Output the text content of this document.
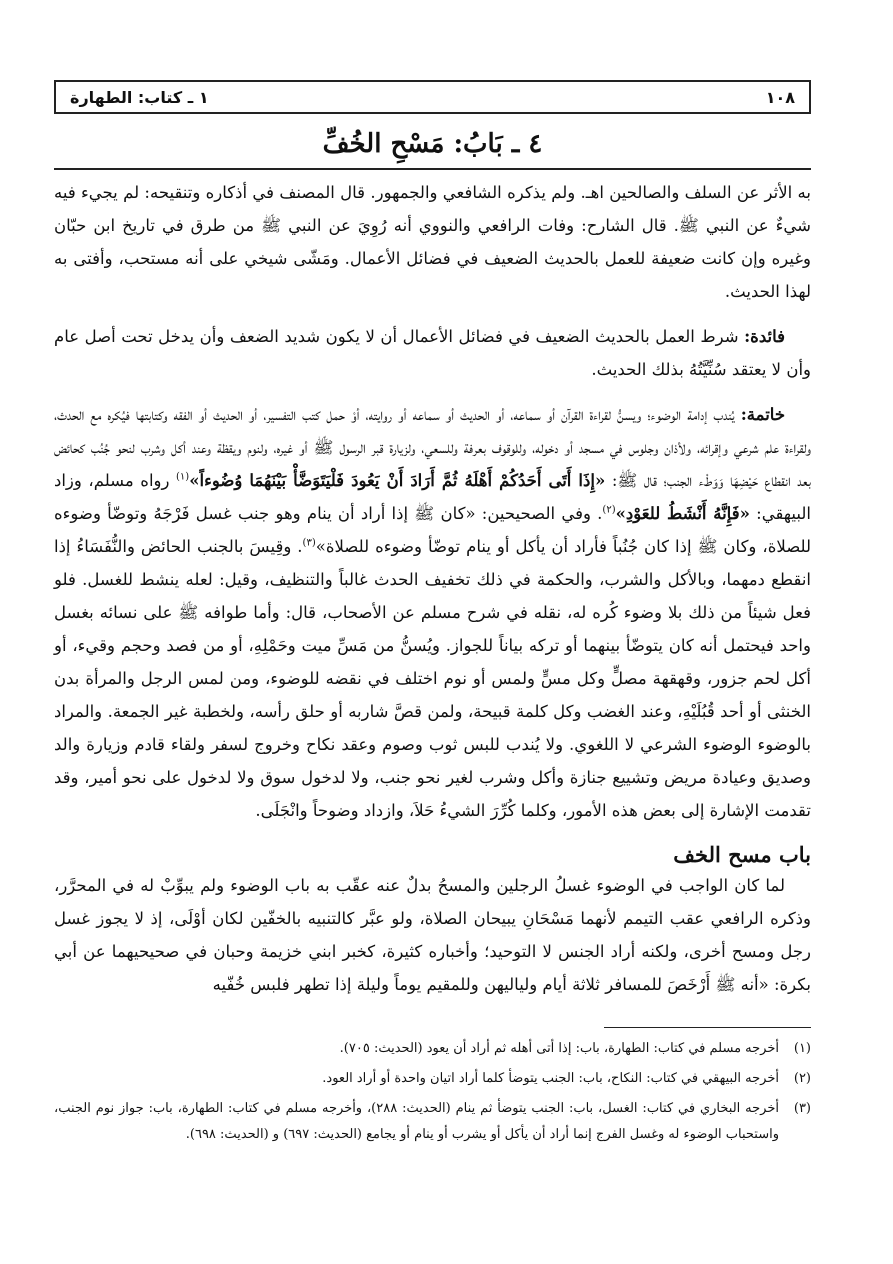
١٠٨
١ ـ كتاب: الطهارة
٤ ـ بَابُ: مَسْحِ الخُفِّ

به الأثر عن السلف والصالحين اهـ. ولم يذكره الشافعي والجمهور. قال المصنف في أذكاره وتنقيحه: لم يجيء فيه شيءٌ عن النبي ﷺ. قال الشارح: وفات الرافعي والنووي أنه رُوِيَ عن النبي ﷺ من طرق في تاريخ ابن حبّان وغيره وإن كانت ضعيفة للعمل بالحديث الضعيف في فضائل الأعمال. ومَشّى شيخي على أنه مستحب، وأفتى به لهذا الحديث.

فائدة: شرط العمل بالحديث الضعيف في فضائل الأعمال أن لا يكون شديد الضعف وأن يدخل تحت أصل عام وأن لا يعتقد سُنِّيَّتُهُ بذلك الحديث.

خاتمة: يُندب إدامة الوضوء؛ ويسنُّ لقراءة القرآن أو سماعه، أو الحديث أو سماعه أو روايته، أوْ حمل كتب التفسير، أو الحديث أو الفقه وكتابتها فيُكره مع الحدث، ولقراءة علم شرعي وإقرائه، ولأذان وجلوس في مسجد أو دخوله، وللوقوف بعرفة وللسعي، ولزيارة قبر الرسول ﷺ أو غيره، ولنوم ويقظة وعند أكل وشرب لنحو جُنُب كحائض بعد انقطاع حَيْضِهَا وَوَطْء الجنب؛ قال ﷺ: «إِذَا أَتَى أَحَدُكُمْ أَهْلَهُ ثُمَّ أَرَادَ أَنْ يَعُودَ فَلْيَتَوَضَّأْ بَيْنَهُمَا وُضُوءاً»$^{(١)}$ رواه مسلم، وزاد البيهقي: «فَإِنَّهُ أَنْشَطُ للعَوْدِ»$^{(٢)}$. وفي الصحيحين: «كان ﷺ إذا أراد أن ينام وهو جنب غسل فَرْجَهُ وتوضّأ وضوءه للصلاة، وكان ﷺ إذا كان جُنُباً فأراد أن يأكل أو ينام توضّأ وضوءه للصلاة»$^{(٣)}$. وقِيسَ بالجنب الحائض والنُّفَسَاءُ إذا انقطع دمهما، وبالأكل والشرب، والحكمة في ذلك تخفيف الحدث غالباً والتنظيف، وقيل: لعله ينشط للغسل. فلو فعل شيئاً من ذلك بلا وضوء كُره له، نقله في شرح مسلم عن الأصحاب، قال: وأما طوافه ﷺ على نسائه بغسل واحد فيحتمل أنه كان يتوضّأ بينهما أو تركه بياناً للجواز. ويُسنُّ من مَسِّ ميت وحَمْلِهِ، أو من فصد وحجم وقيء، أو أكل لحم جزور، وقهقهة مصلٍّ وكل مسٍّ ولمس أو نوم اختلف في نقضه للوضوء، ومن لمس الرجل والمرأة بدن الخنثى أو أحد قُبُلَيْهِ، وعند الغضب وكل كلمة قبيحة، ولمن قصَّ شاربه أو حلق رأسه، ولخطبة غير الجمعة. والمراد بالوضوء الوضوء الشرعي لا اللغوي. ولا يُندب للبس ثوب وصوم وعقد نكاح وخروج لسفر ولقاء قادم وزيارة والد وصديق وعيادة مريض وتشييع جنازة وأكل وشرب لغير نحو جنب، ولا لدخول سوق ولا لدخول على نحو أمير، وقد تقدمت الإشارة إلى بعض هذه الأمور، وكلما كُرِّرَ الشيءُ حَلاَ، وازداد وضوحاً وانْجَلَى.

باب مسح الخف

لما كان الواجب في الوضوء غسلُ الرجلين والمسحُ بدلٌ عنه عقّب به باب الوضوء ولم يبوِّبْ له في المحرَّر، وذكره الرافعي عقب التيمم لأنهما مَسْحَانِ يبيحان الصلاة، ولو عبَّر كالتنبيه بالخفّين لكان أوْلَى، إذ لا يجوز غسل رجل ومسح أخرى، ولكنه أراد الجنس لا التوحيد؛ وأخباره كثيرة، كخبر ابني خزيمة وحبان في صحيحيهما عن أبي بكرة: «أنه ﷺ أَرْخَصَ للمسافر ثلاثة أيام ولياليهن وللمقيم يوماً وليلة إذا تطهر فلبس خُفّيه

(١)
أخرجه مسلم في كتاب: الطهارة، باب: إذا أتى أهله ثم أراد أن يعود (الحديث: ٧٠٥).
(٢)
أخرجه البيهقي في كتاب: النكاح، باب: الجنب يتوضأ كلما أراد اتيان واحدة أو أراد العود.
(٣)
أخرجه البخاري في كتاب: الغسل، باب: الجنب يتوضأ ثم ينام (الحديث: ٢٨٨)، وأخرجه مسلم في كتاب: الطهارة، باب: جواز نوم الجنب، واستحباب الوضوء له وغسل الفرج إنما أراد أن يأكل أو يشرب أو ينام أو يجامع (الحديث: ٦٩٧) و (الحديث: ٦٩٨).
